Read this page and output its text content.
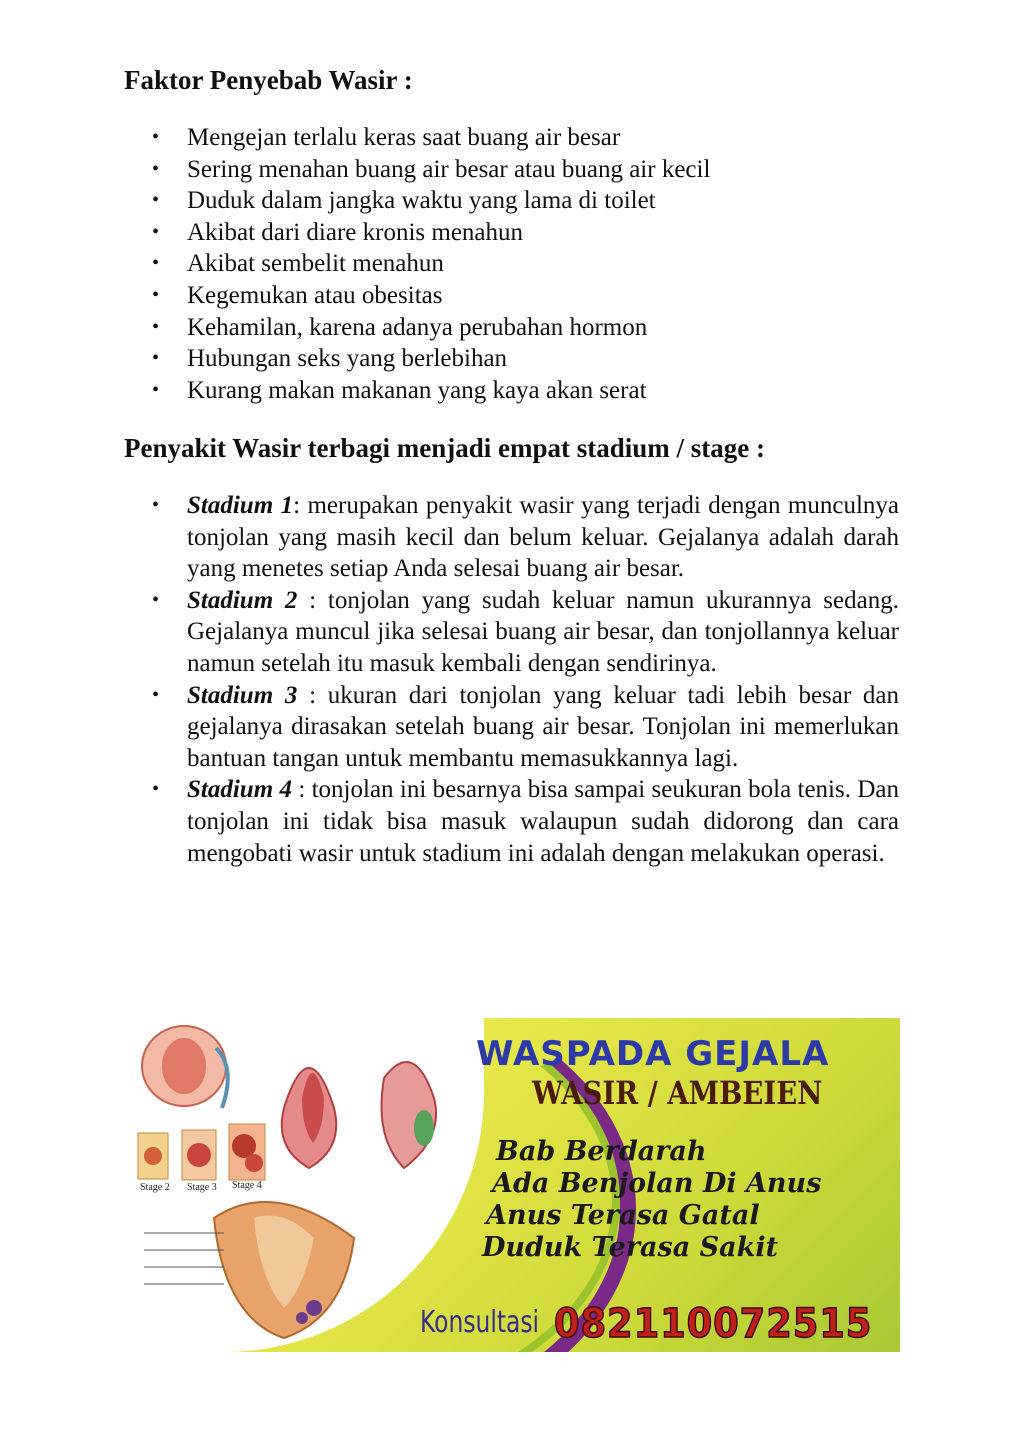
Faktor Penyebab Wasir :
• Mengejan terlalu keras saat buang air besar
• Sering menahan buang air besar atau buang air kecil
• Duduk dalam jangka waktu yang lama di toilet
• Akibat dari diare kronis menahun
• Akibat sembelit menahun
• Kegemukan atau obesitas
• Kehamilan, karena adanya perubahan hormon
• Hubungan seks yang berlebihan
• Kurang makan makanan yang kaya akan serat
Penyakit Wasir terbagi menjadi empat stadium / stage :
• Stadium 1: merupakan penyakit wasir yang terjadi dengan munculnya tonjolan yang masih kecil dan belum keluar. Gejalanya adalah darah yang menetes setiap Anda selesai buang air besar.
• Stadium 2 : tonjolan yang sudah keluar namun ukurannya sedang. Gejalanya muncul jika selesai buang air besar, dan tonjollannya keluar namun setelah itu masuk kembali dengan sendirinya.
• Stadium 3 : ukuran dari tonjolan yang keluar tadi lebih besar dan gejalanya dirasakan setelah buang air besar. Tonjolan ini memerlukan bantuan tangan untuk membantu memasukkannya lagi.
• Stadium 4 : tonjolan ini besarnya bisa sampai seukuran bola tenis. Dan tonjolan ini tidak bisa masuk walaupun sudah didorong dan cara mengobati wasir untuk stadium ini adalah dengan melakukan operasi.
Stage 2 Stage 3 Stage 4
WASPADA GEJALA
WASIR / AMBEIEN
Bab Berdarah
Ada Benjolan Di Anus
Anus Terasa Gatal
Duduk Terasa Sakit
Konsultasi 082110072515
